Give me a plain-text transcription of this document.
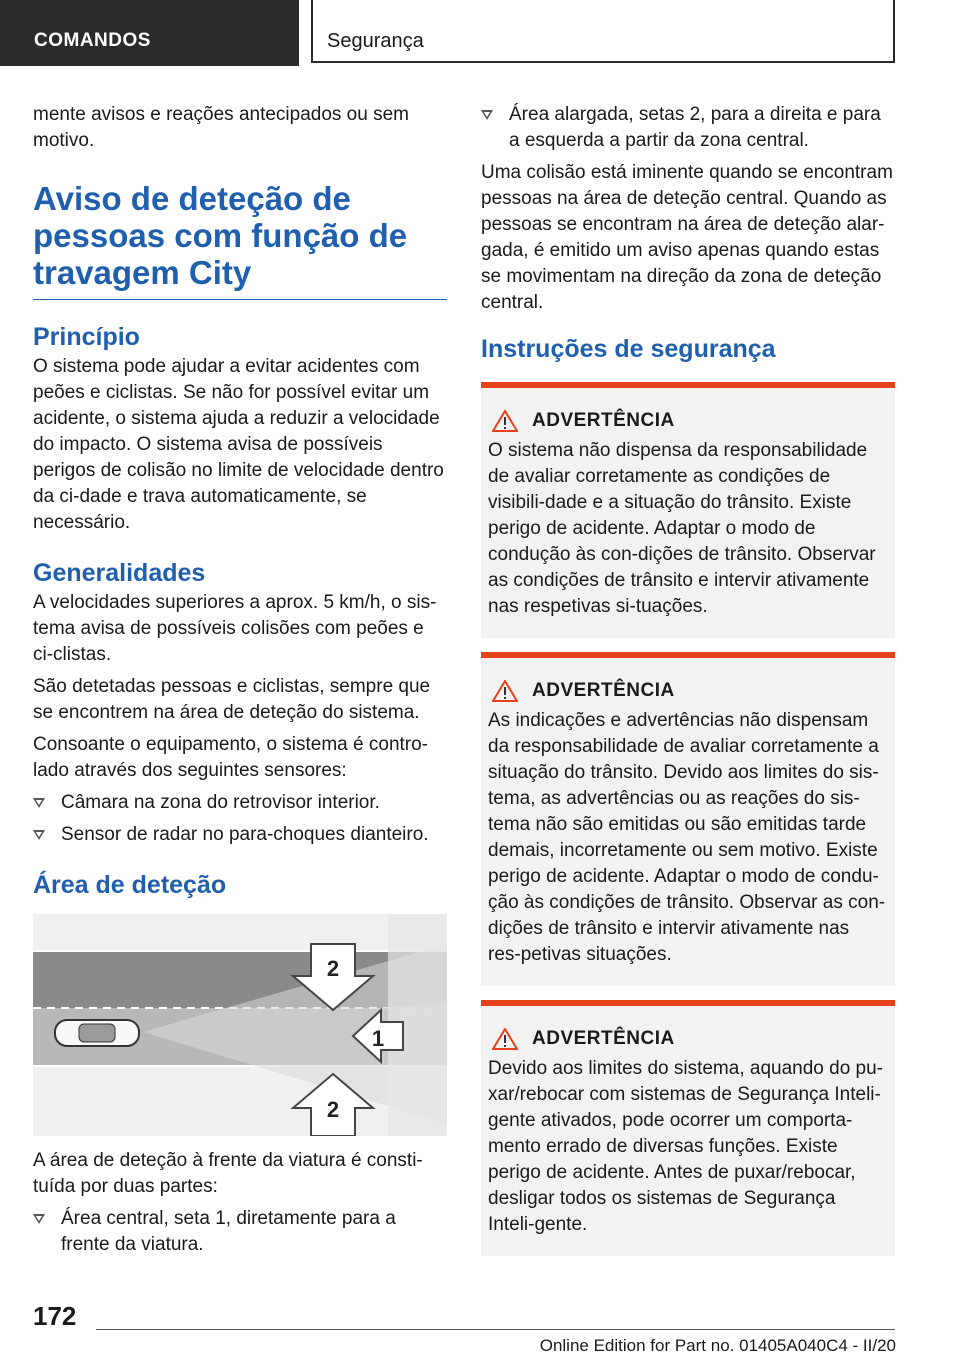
COMANDOS	Segurança

mente avisos e reações antecipados ou sem motivo.

Aviso de deteção de pessoas com função de travagem City
Princípio

O sistema pode ajudar a evitar acidentes com peões e ciclistas. Se não for possível evitar um acidente, o sistema ajuda a reduzir a velocidade do impacto. O sistema avisa de possíveis perigos de colisão no limite de velocidade dentro da ci-dade e trava automaticamente, se necessário.

Generalidades

A velocidades superiores a aprox. 5 km/h, o sis-tema avisa de possíveis colisões com peões e ci-clistas.

São detetadas pessoas e ciclistas, sempre que se encontrem na área de deteção do sistema.

Consoante o equipamento, o sistema é contro-lado através dos seguintes sensores:

Câmara na zona do retrovisor interior.
Sensor de radar no para-choques dianteiro.
Área de deteção
2
1
2

A área de deteção à frente da viatura é consti-tuída por duas partes:

Área central, seta 1, diretamente para a frente da viatura.
Área alargada, setas 2, para a direita e para a esquerda a partir da zona central.

Uma colisão está iminente quando se encontram pessoas na área de deteção central. Quando as pessoas se encontram na área de deteção alar-gada, é emitido um aviso apenas quando estas se movimentam na direção da zona de deteção central.

Instruções de segurança
ADVERTÊNCIA

O sistema não dispensa da responsabilidade de avaliar corretamente as condições de visibili-dade e a situação do trânsito. Existe perigo de acidente. Adaptar o modo de condução às con-dições de trânsito. Observar as condições de trânsito e intervir ativamente nas respetivas si-tuações.

ADVERTÊNCIA

As indicações e advertências não dispensam da responsabilidade de avaliar corretamente a situação do trânsito. Devido aos limites do sis-tema, as advertências ou as reações do sis-tema não são emitidas ou são emitidas tarde demais, incorretamente ou sem motivo. Existe perigo de acidente. Adaptar o modo de condu-ção às condições de trânsito. Observar as con-dições de trânsito e intervir ativamente nas res-petivas situações.

ADVERTÊNCIA

Devido aos limites do sistema, aquando do pu-xar/rebocar com sistemas de Segurança Inteli-gente ativados, pode ocorrer um comporta-mento errado de diversas funções. Existe perigo de acidente. Antes de puxar/rebocar, desligar todos os sistemas de Segurança Inteli-gente.

172
Online Edition for Part no. 01405A040C4 - II/20
